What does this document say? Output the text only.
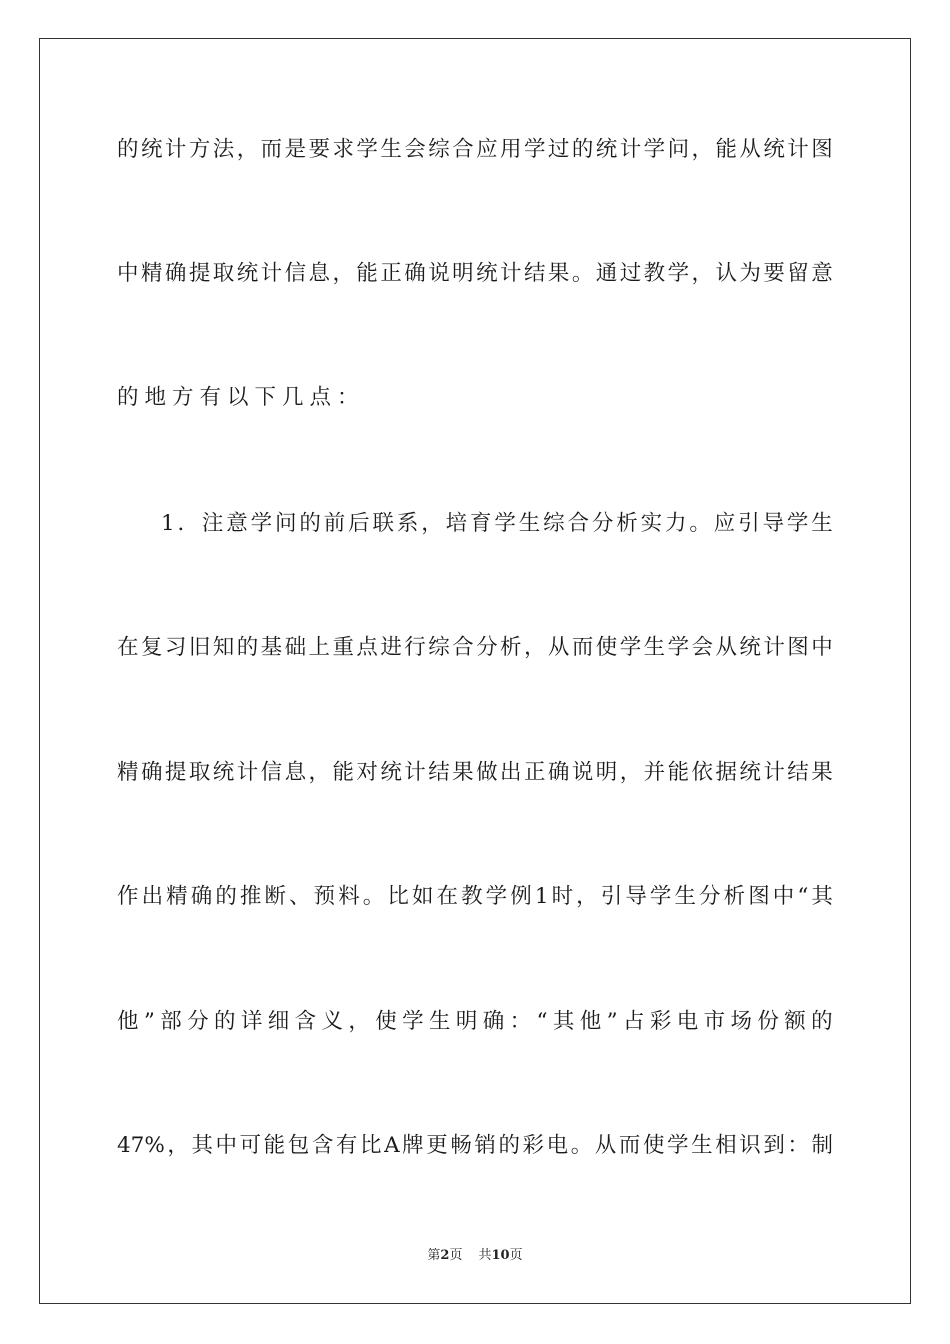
的 统 计 方 法 ， 而 是 要 求 学 生 会 综 合 应 用 学 过 的 统 计 学 问 ， 能 从 统 计 图
中 精 确 提 取 统 计 信 息 ， 能 正 确 说 明 统 计 结 果 。 通 过 教 学 ， 认 为 要 留 意
的地方有以下几点：
1 ． 注 意 学 问 的 前 后 联 系 ， 培 育 学 生 综 合 分 析 实 力 。 应 引 导 学 生
在 复 习 旧 知 的 基 础 上 重 点 进 行 综 合 分 析 ， 从 而 使 学 生 学 会 从 统 计 图 中
精 确 提 取 统 计 信 息 ， 能 对 统 计 结 果 做 出 正 确 说 明 ， 并 能 依 据 统 计 结 果
作 出 精 确 的 推 断 、 预 料 。 比 如 在 教 学 例 1 时 ， 引 导 学 生 分 析 图 中 “ 其
他 ” 部 分 的 详 细 含 义 ， 使 学 生 明 确 ： “ 其 他 ” 占 彩 电 市 场 份 额 的
47% ， 其 中 可 能 包 含 有 比 A 牌 更 畅 销 的 彩 电 。 从 而 使 学 生 相 识 到 ： 制
第2页 共10页
